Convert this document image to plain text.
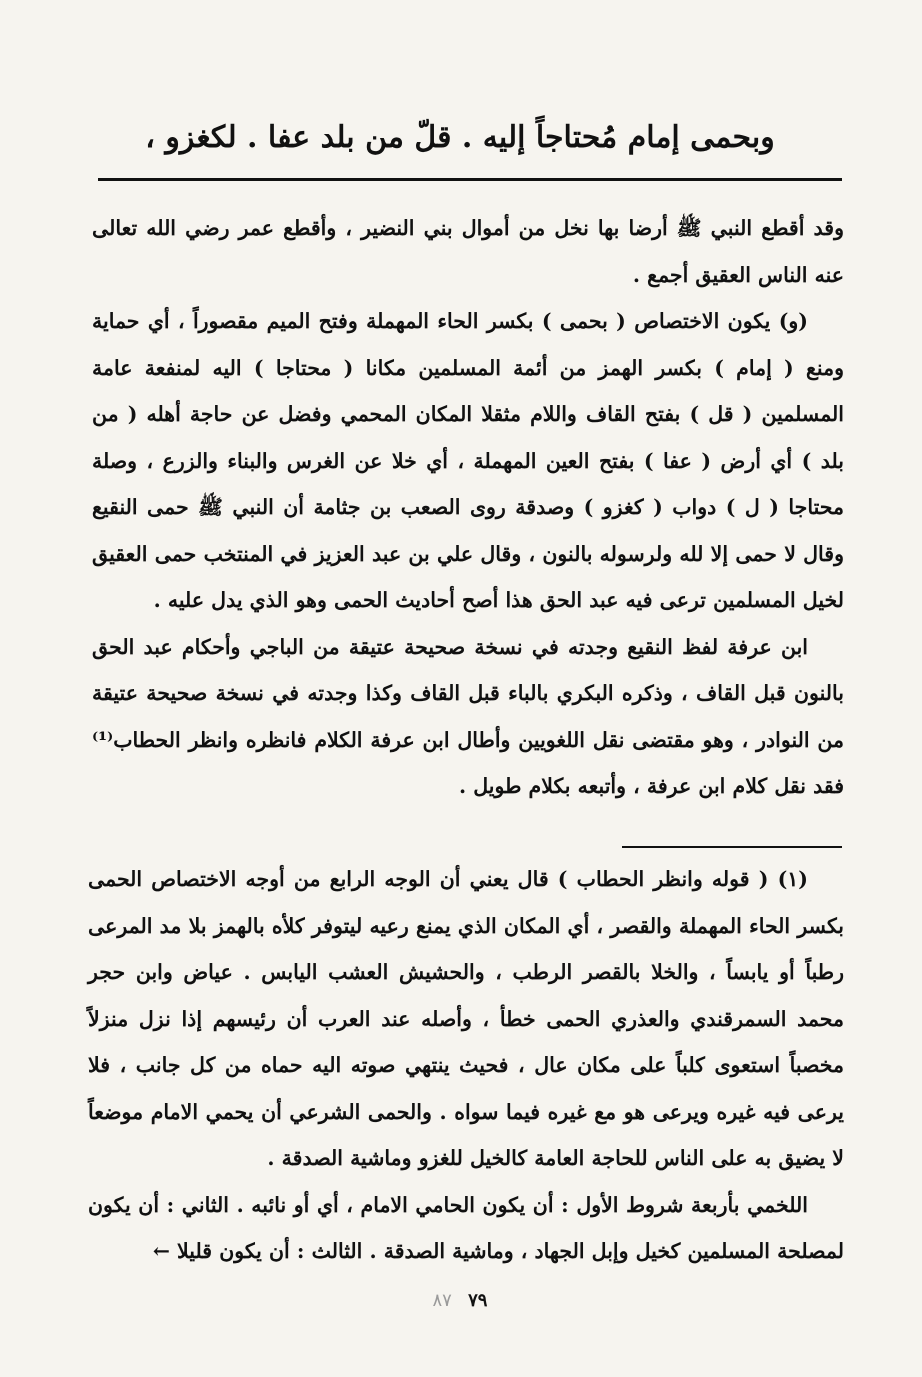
وبحمى إمام مُحتاجاً إليه . قلّ من بلد عفا . لكغزو ،

وقد أقطع النبي ﷺ أرضا بها نخل من أموال بني النضير ، وأقطع عمر رضي الله تعالى عنه الناس العقيق أجمع .

(و) يكون الاختصاص ( بحمى ) بكسر الحاء المهملة وفتح الميم مقصوراً ، أي حماية ومنع ( إمام ) بكسر الهمز من أئمة المسلمين مكانا ( محتاجا ) اليه لمنفعة عامة المسلمين ( قل ) بفتح القاف واللام مثقلا المكان المحمي وفضل عن حاجة أهله ( من بلد ) أي أرض ( عفا ) بفتح العين المهملة ، أي خلا عن الغرس والبناء والزرع ، وصلة محتاجا ( ل ) دواب ( كغزو ) وصدقة روى الصعب بن جثامة أن النبي ﷺ حمى النقيع وقال لا حمى إلا لله ولرسوله بالنون ، وقال علي بن عبد العزيز في المنتخب حمى العقيق لخيل المسلمين ترعى فيه عبد الحق هذا أصح أحاديث الحمى وهو الذي يدل عليه .

ابن عرفة لفظ النقيع وجدته في نسخة صحيحة عتيقة من الباجي وأحكام عبد الحق بالنون قبل القاف ، وذكره البكري بالباء قبل القاف وكذا وجدته في نسخة صحيحة عتيقة من النوادر ، وهو مقتضى نقل اللغويين وأطال ابن عرفة الكلام فانظره وانظر الحطاب⁽¹⁾ فقد نقل كلام ابن عرفة ، وأتبعه بكلام طويل .

(١) ( قوله وانظر الحطاب ) قال يعني أن الوجه الرابع من أوجه الاختصاص الحمى بكسر الحاء المهملة والقصر ، أي المكان الذي يمنع رعيه ليتوفر كلأه بالهمز بلا مد المرعى رطباً أو يابساً ، والخلا بالقصر الرطب ، والحشيش العشب اليابس . عياض وابن حجر محمد السمرقندي والعذري الحمى خطأ ، وأصله عند العرب أن رئيسهم إذا نزل منزلاً مخصباً استعوى كلباً على مكان عال ، فحيث ينتهي صوته اليه حماه من كل جانب ، فلا يرعى فيه غيره ويرعى هو مع غيره فيما سواه . والحمى الشرعي أن يحمي الامام موضعاً لا يضيق به على الناس للحاجة العامة كالخيل للغزو وماشية الصدقة .

اللخمي بأربعة شروط الأول : أن يكون الحامي الامام ، أي أو نائبه . الثاني : أن يكون لمصلحة المسلمين كخيل وإبل الجهاد ، وماشية الصدقة . الثالث : أن يكون قليلا ←

٧٩ ٨٧
